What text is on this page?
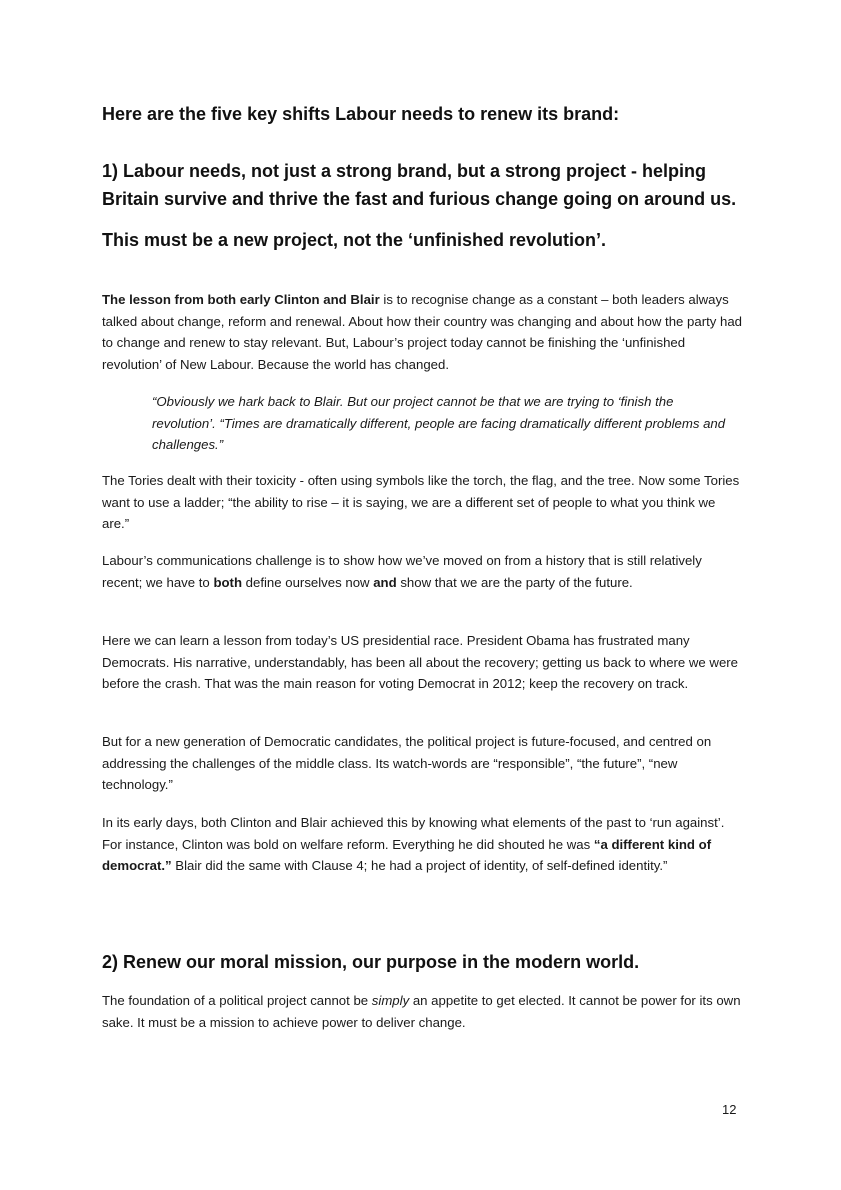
Here are the five key shifts Labour needs to renew its brand:
1) Labour needs, not just a strong brand, but a strong project - helping Britain survive and thrive the fast and furious change going on around us.
This must be a new project, not the ‘unfinished revolution’.
The lesson from both early Clinton and Blair is to recognise change as a constant – both leaders always talked about change, reform and renewal. About how their country was changing and about how the party had to change and renew to stay relevant. But, Labour’s project today cannot be finishing the ‘unfinished revolution’ of New Labour. Because the world has changed.
“Obviously we hark back to Blair. But our project cannot be that we are trying to ‘finish the revolution’. “Times are dramatically different, people are facing dramatically different problems and challenges.”
The Tories dealt with their toxicity - often using symbols like the torch, the flag, and the tree. Now some Tories want to use a ladder; “the ability to rise – it is saying, we are a different set of people to what you think we are.”
Labour’s communications challenge is to show how we’ve moved on from a history that is still relatively recent; we have to both define ourselves now and show that we are the party of the future.
Here we can learn a lesson from today’s US presidential race. President Obama has frustrated many Democrats. His narrative, understandably, has been all about the recovery; getting us back to where we were before the crash. That was the main reason for voting Democrat in 2012; keep the recovery on track.
But for a new generation of Democratic candidates, the political project is future-focused, and centred on addressing the challenges of the middle class. Its watch-words are “responsible”, “the future”, “new technology.”
In its early days, both Clinton and Blair achieved this by knowing what elements of the past to ‘run against’. For instance, Clinton was bold on welfare reform. Everything he did shouted he was “a different kind of democrat.” Blair did the same with Clause 4; he had a project of identity, of self-defined identity.”
2) Renew our moral mission, our purpose in the modern world.
The foundation of a political project cannot be simply an appetite to get elected. It cannot be power for its own sake. It must be a mission to achieve power to deliver change.
12
